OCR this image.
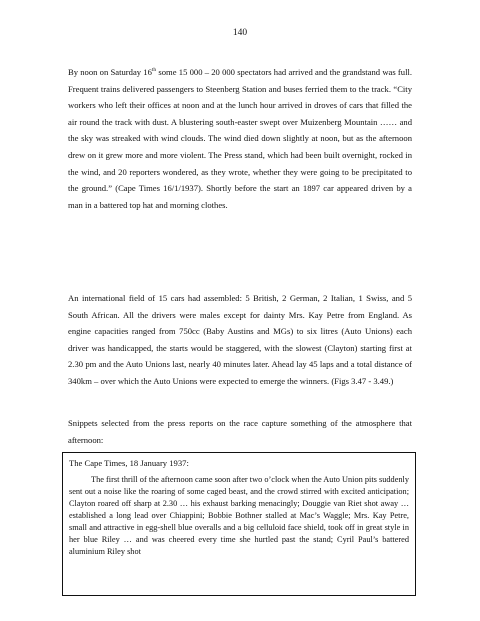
140

By noon on Saturday 16th some 15 000 – 20 000 spectators had arrived and the grandstand was full. Frequent trains delivered passengers to Steenberg Station and buses ferried them to the track. “City workers who left their offices at noon and at the lunch hour arrived in droves of cars that filled the air round the track with dust. A blustering south-easter swept over Muizenberg Mountain …… and the sky was streaked with wind clouds. The wind died down slightly at noon, but as the afternoon drew on it grew more and more violent. The Press stand, which had been built overnight, rocked in the wind, and 20 reporters wondered, as they wrote, whether they were going to be precipitated to the ground.” (Cape Times 16/1/1937). Shortly before the start an 1897 car appeared driven by a man in a battered top hat and morning clothes.

An international field of 15 cars had assembled: 5 British, 2 German, 2 Italian, 1 Swiss, and 5 South African. All the drivers were males except for dainty Mrs. Kay Petre from England. As engine capacities ranged from 750cc (Baby Austins and MGs) to six litres (Auto Unions) each driver was handicapped, the starts would be staggered, with the slowest (Clayton) starting first at 2.30 pm and the Auto Unions last, nearly 40 minutes later. Ahead lay 45 laps and a total distance of 340km – over which the Auto Unions were expected to emerge the winners. (Figs 3.47 - 3.49.)

Snippets selected from the press reports on the race capture something of the atmosphere that afternoon:

The Cape Times, 18 January 1937:

The first thrill of the afternoon came soon after two o’clock when the Auto Union pits suddenly sent out a noise like the roaring of some caged beast, and the crowd stirred with excited anticipation; Clayton roared off sharp at 2.30 … his exhaust barking menacingly; Douggie van Riet shot away … established a long lead over Chiappini; Bobbie Bothner stalled at Mac’s Waggle; Mrs. Kay Petre, small and attractive in egg-shell blue overalls and a big celluloid face shield, took off in great style in her blue Riley … and was cheered every time she hurtled past the stand; Cyril Paul’s battered aluminium Riley shot
